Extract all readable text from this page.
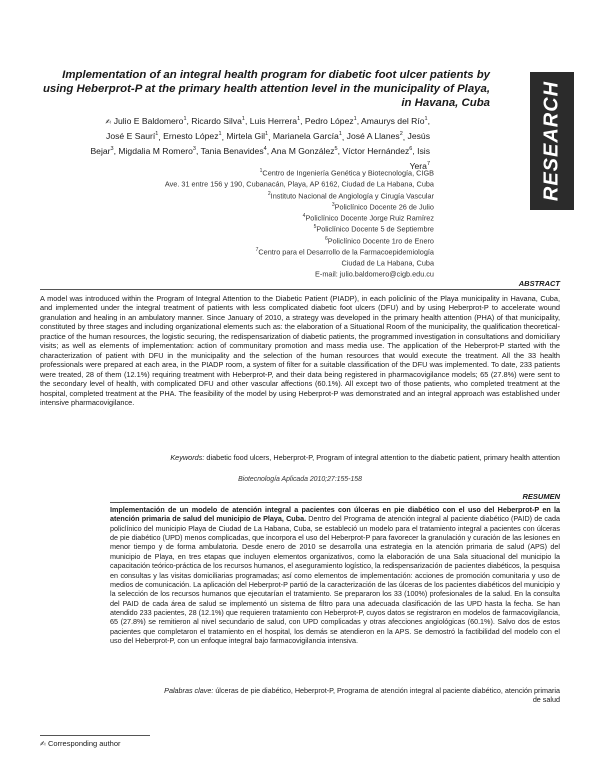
Implementation of an integral health program for diabetic foot ulcer patients by using Heberprot-P at the primary health attention level in the municipality of Playa, in Havana, Cuba	RESEARCH
✍ Julio E Baldomero$^1$, Ricardo Silva$^1$, Luis Herrera$^1$, Pedro López$^1$, Amaurys del Río$^1$, José E Saurí$^1$, Ernesto López$^1$, Mirtela Gil$^1$, Marianela García$^1$, José A Llanes$^2$, Jesús Bejar$^3$, Migdalia M Romero$^3$, Tania Benavides$^4$, Ana M González$^5$, Víctor Hernández$^6$, Isis Yera$^7$
$^1$Centro de Ingeniería Genética y Biotecnología, CIGB
Ave. 31 entre 156 y 190, Cubanacán, Playa, AP 6162, Ciudad de La Habana, Cuba
$^2$Instituto Nacional de Angiología y Cirugía Vascular
$^3$Policlínico Docente 26 de Julio
$^4$Policlínico Docente Jorge Ruiz Ramírez
$^5$Policlínico Docente 5 de Septiembre
$^6$Policlínico Docente 1ro de Enero
$^7$Centro para el Desarrollo de la Farmacoepidemiología
Ciudad de La Habana, Cuba
E-mail: julio.baldomero@cigb.edu.cu
ABSTRACT
A model was introduced within the Program of Integral Attention to the Diabetic Patient (PIADP), in each policlinic of the Playa municipality in Havana, Cuba, and implemented under the integral treatment of patients with less complicated diabetic foot ulcers (DFU) and by using Heberprot-P to accelerate wound granulation and healing in an ambulatory manner. Since January of 2010, a strategy was developed in the primary health attention (PHA) of that municipality, constituted by three stages and including organizational elements such as: the elaboration of a Situational Room of the municipality, the qualification theoretical-practice of the human resources, the logistic securing, the redispensarization of diabetic patients, the programmed investigation in consultations and domiciliary visits; as well as elements of implementation: action of communitary promotion and mass media use. The application of the Heberprot-P started with the characterization of patient with DFU in the municipality and the selection of the human resources that would execute the treatment. All the 33 health professionals were prepared at each area, in the PIADP room, a system of filter for a suitable classification of the DFU was implemented. To date, 233 patients were treated, 28 of them (12.1%) requiring treatment with Heberprot-P, and their data being registered in pharmacovigilance models; 65 (27.8%) were sent to the secondary level of health, with complicated DFU and other vascular affections (60.1%). All except two of those patients, who completed treatment at the hospital, completed treatment at the PHA. The feasibility of the model by using Heberprot-P was demonstrated and an integral approach was established under intensive pharmacovigilance.
Keywords: diabetic food ulcers, Heberprot-P, Program of integral attention to the diabetic patient, primary health attention
Biotecnología Aplicada 2010;27:155-158
RESUMEN
Implementación de un modelo de atención integral a pacientes con úlceras en pie diabético con el uso del Heberprot-P en la atención primaria de salud del municipio de Playa, Cuba. Dentro del Programa de atención integral al paciente diabético (PAID) de cada policlínico del municipio Playa de Ciudad de La Habana, Cuba, se estableció un modelo para el tratamiento integral a pacientes con úlceras de pie diabético (UPD) menos complicadas, que incorpora el uso del Heberprot-P para favorecer la granulación y curación de las lesiones en menor tiempo y de forma ambulatoria. Desde enero de 2010 se desarrolla una estrategia en la atención primaria de salud (APS) del municipio de Playa, en tres etapas que incluyen elementos organizativos, como la elaboración de una Sala situacional del municipio la capacitación teórico-práctica de los recursos humanos, el aseguramiento logístico, la redispensarización de pacientes diabéticos, la pesquisa en consultas y las visitas domiciliarias programadas; así como elementos de implementación: acciones de promoción comunitaria y uso de medios de comunicación. La aplicación del Heberprot-P partió de la caracterización de las úlceras de los pacientes diabéticos del municipio y la selección de los recursos humanos que ejecutarían el tratamiento. Se prepararon los 33 (100%) profesionales de la salud. En la consulta del PAID de cada área de salud se implementó un sistema de filtro para una adecuada clasificación de las UPD hasta la fecha. Se han atendido 233 pacientes, 28 (12.1%) que requieren tratamiento con Heberprot-P, cuyos datos se registraron en modelos de farmacovigilancia, 65 (27.8%) se remitieron al nivel secundario de salud, con UPD complicadas y otras afecciones angiológicas (60.1%). Salvo dos de estos pacientes que completaron el tratamiento en el hospital, los demás se atendieron en la APS. Se demostró la factibilidad del modelo con el uso del Heberprot-P, con un enfoque integral bajo farmacovigilancia intensiva.
Palabras clave: úlceras de pie diabético, Heberprot-P, Programa de atención integral al paciente diabético, atención primaria de salud
✍ Corresponding author
